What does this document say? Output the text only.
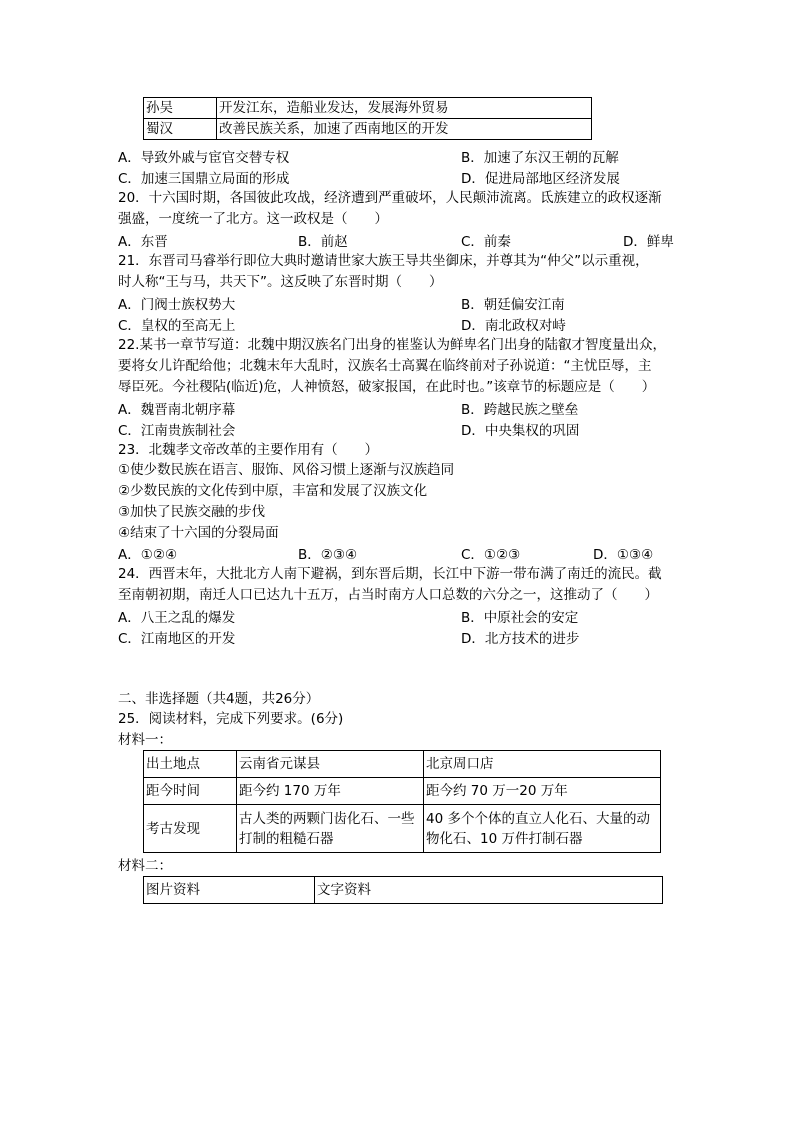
孙吴	开发江东，造船业发达，发展海外贸易
蜀汉	改善民族关系，加速了西南地区的开发
A．导致外戚与宦官交替专权	B．加速了东汉王朝的瓦解
C．加速三国鼎立局面的形成	D．促进局部地区经济发展
20．十六国时期，各国彼此攻战，经济遭到严重破坏，人民颠沛流离。氐族建立的政权逐渐
强盛，一度统一了北方。这一政权是（　　）
A．东晋	B．前赵	C．前秦	D．鲜卑
21．东晋司马睿举行即位大典时邀请世家大族王导共坐御床，并尊其为“仲父”以示重视，
时人称“王与马，共天下”。这反映了东晋时期（　　）
A．门阀士族权势大	B．朝廷偏安江南
C．皇权的至高无上	D．南北政权对峙
22.某书一章节写道：北魏中期汉族名门出身的崔鉴认为鲜卑名门出身的陆叡才智度量出众，
要将女儿许配给他；北魏末年大乱时，汉族名士高翼在临终前对子孙说道：“主忧臣辱，主
辱臣死。今社稷阽(临近)危，人神愤怒，破家报国，在此时也。”该章节的标题应是（　　）
A．魏晋南北朝序幕	B．跨越民族之壁垒
C．江南贵族制社会	D．中央集权的巩固
23．北魏孝文帝改革的主要作用有（　　）
①使少数民族在语言、服饰、风俗习惯上逐渐与汉族趋同
②少数民族的文化传到中原，丰富和发展了汉族文化
③加快了民族交融的步伐
④结束了十六国的分裂局面
A．①②④	B．②③④	C．①②③	D．①③④
24．西晋末年，大批北方人南下避祸，到东晋后期，长江中下游一带布满了南迁的流民。截
至南朝初期，南迁人口已达九十五万，占当时南方人口总数的六分之一，这推动了（　　）
A．八王之乱的爆发	B．中原社会的安定
C．江南地区的开发	D．北方技术的进步
二、非选择题（共4题，共26分）
25．阅读材料，完成下列要求。(6分)
材料一：
出土地点	云南省元谋县	北京周口店
距今时间	距今约 170 万年	距今约 70 万一20 万年
考古发现	古人类的两颗门齿化石、一些打制的粗糙石器	40 多个个体的直立人化石、大量的动物化石、10 万件打制石器
材料二：
图片资料	文字资料
